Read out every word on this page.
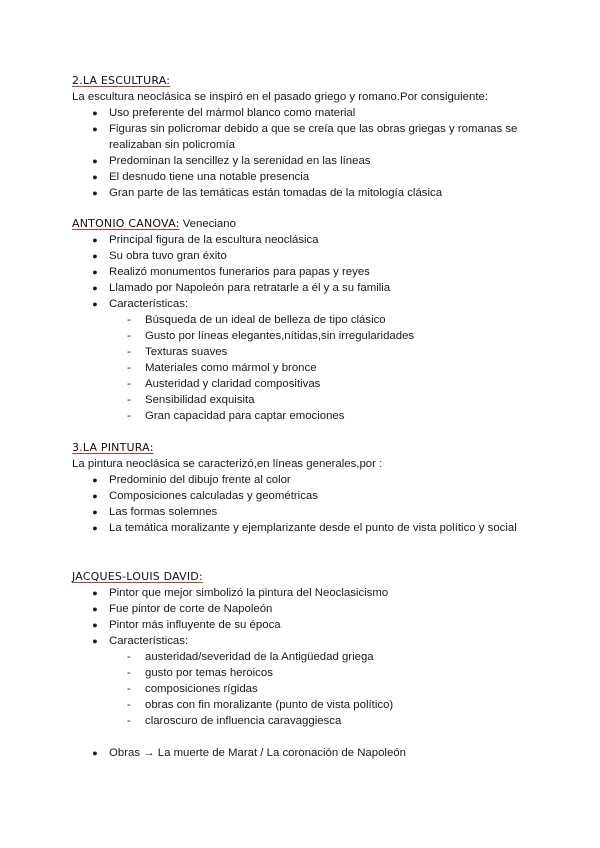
2.LA ESCULTURA:
La escultura neoclásica se inspiró en el pasado griego y romano.Por consiguiente:
● Uso preferente del mármol blanco como material
● Figuras sin policromar debido a que se creía que las obras griegas y romanas se realizaban sin policromía
● Predominan la sencillez y la serenidad en las líneas
● El desnudo tiene una notable presencia
● Gran parte de las temáticas están tomadas de la mitología clásica
ANTONIO CANOVA: Veneciano
● Principal figura de la escultura neoclásica
● Su obra tuvo gran éxito
● Realizó monumentos funerarios para papas y reyes
● Llamado por Napoleón para retratarle a él y a su familia
● Características:
- Búsqueda de un ideal de belleza de tipo clásico
- Gusto por líneas elegantes,nítidas,sin irregularidades
- Texturas suaves
- Materiales como mármol y bronce
- Austeridad y claridad compositivas
- Sensibilidad exquisita
- Gran capacidad para captar emociones
3.LA PINTURA:
La pintura neoclásica se caracterizó,en líneas generales,por :
● Predominio del dibujo frente al color
● Composiciones calculadas y geométricas
● Las formas solemnes
● La temática moralizante y ejemplarizante desde el punto de vista político y social
JACQUES-LOUIS DAVID:
● Pintor que mejor simbolizó la pintura del Neoclasicismo
● Fue pintor de corte de Napoleón
● Pintor más influyente de su época
● Características:
- austeridad/severidad de la Antigüedad griega
- gusto por temas heroicos
- composiciones rígidas
- obras con fin moralizante (punto de vista político)
- claroscuro de influencia caravaggiesca
● Obras → La muerte de Marat / La coronación de Napoleón
